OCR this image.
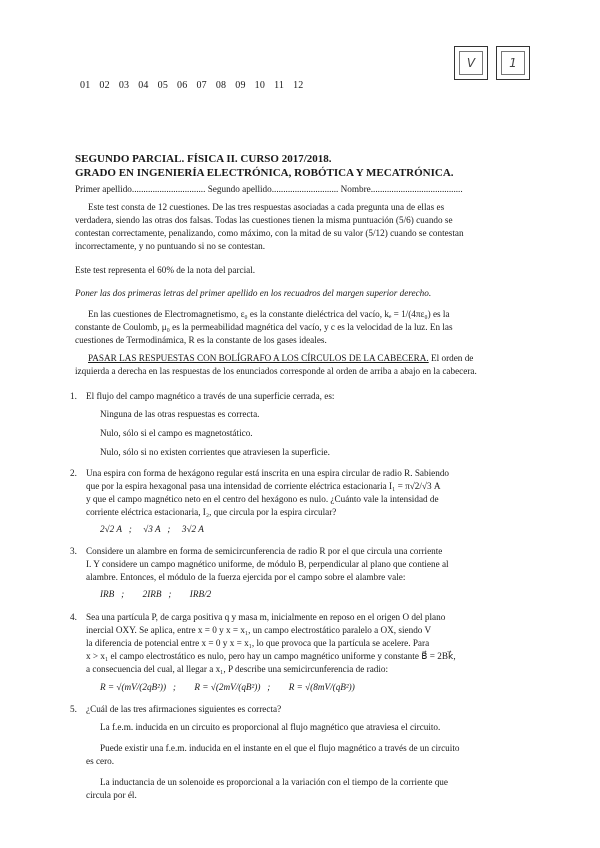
V	1
01 02 03 04 05 06 07 08 09 10 11 12
SEGUNDO PARCIAL. FÍSICA II. CURSO 2017/2018.
GRADO EN INGENIERÍA ELECTRÓNICA, ROBÓTICA Y MECATRÓNICA.
Primer apellido................................ Segundo apellido............................. Nombre........................................
Este test consta de 12 cuestiones. De las tres respuestas asociadas a cada pregunta una de ellas es
verdadera, siendo las otras dos falsas. Todas las cuestiones tienen la misma puntuación (5/6) cuando se
contestan correctamente, penalizando, como máximo, con la mitad de su valor (5/12) cuando se contestan
incorrectamente, y no puntuando si no se contestan.
Este test representa el 60% de la nota del parcial.
Poner las dos primeras letras del primer apellido en los recuadros del margen superior derecho.
En las cuestiones de Electromagnetismo, ε₀ es la constante dieléctrica del vacío, kₑ = 1/(4πε₀) es la
constante de Coulomb, μ₀ es la permeabilidad magnética del vacío, y c es la velocidad de la luz. En las
cuestiones de Termodinámica, R es la constante de los gases ideales.
PASAR LAS RESPUESTAS CON BOLÍGRAFO A LOS CÍRCULOS DE LA CABECERA. El orden de
izquierda a derecha en las respuestas de los enunciados corresponde al orden de arriba a abajo en la cabecera.
1. El flujo del campo magnético a través de una superficie cerrada, es:
Ninguna de las otras respuestas es correcta.
Nulo, sólo si el campo es magnetostático.
Nulo, sólo si no existen corrientes que atraviesen la superficie.
2. Una espira con forma de hexágono regular está inscrita en una espira circular de radio R. Sabiendo
que por la espira hexagonal pasa una intensidad de corriente eléctrica estacionaria I₁ = π√2/√3 A
y que el campo magnético neto en el centro del hexágono es nulo. ¿Cuánto vale la intensidad de
corriente eléctrica estacionaria, I₂, que circula por la espira circular?
2√2 A   ;     √3 A   ;     3√2 A
3. Considere un alambre en forma de semicircunferencia de radio R por el que circula una corriente
I. Y considere un campo magnético uniforme, de módulo B, perpendicular al plano que contiene al
alambre. Entonces, el módulo de la fuerza ejercida por el campo sobre el alambre vale:
IRB   ;        2IRB   ;        IRB/2
4. Sea una partícula P, de carga positiva q y masa m, inicialmente en reposo en el origen O del plano
inercial OXY. Se aplica, entre x = 0 y x = x₁, un campo electrostático paralelo a OX, siendo V
la diferencia de potencial entre x = 0 y x = x₁, lo que provoca que la partícula se acelere. Para
x > x₁ el campo electrostático es nulo, pero hay un campo magnético uniforme y constante B⃗ = 2Bk⃗,
a consecuencia del cual, al llegar a x₁, P describe una semicircunferencia de radio:
R = √(mV/(2qB²))   ;        R = √(2mV/(qB²))   ;        R = √(8mV/(qB²))
5. ¿Cuál de las tres afirmaciones siguientes es correcta?
La f.e.m. inducida en un circuito es proporcional al flujo magnético que atraviesa el circuito.
Puede existir una f.e.m. inducida en el instante en el que el flujo magnético a través de un circuito
es cero.
La inductancia de un solenoide es proporcional a la variación con el tiempo de la corriente que
circula por él.
